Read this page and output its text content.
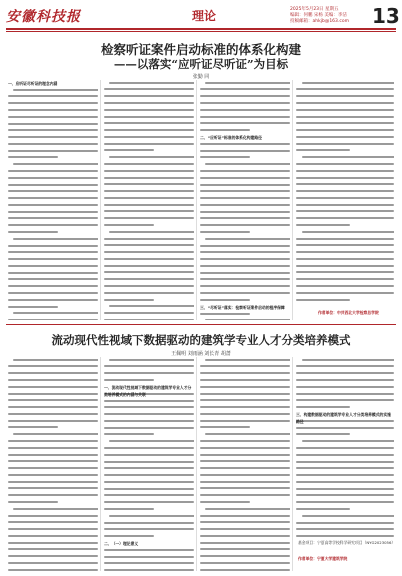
安徽科技报	理论	2025年5月23日 星期五
编辑：何鹏 宋杨 美编：李洁
投稿邮箱：ahkjb@163.com 13
检察听证案件启动标准的体系化构建
——以落实“应听证尽听证”为目标
张勤 同
一、应听证尽听证的理念内涵
二、“应听证”标准的体系化构建路径
三、“尽听证”落实：检察听证案件启动的程序保障
作者单位：中共西北大学检察总学院
流动现代性视域下数据驱动的建筑学专业人才分类培养模式
王佩明 刘雨涵 刘长青 胡蔷
一、流动现代性视域下数据驱动的建筑学专业人才分类培养模式的内涵与关联
二、（一）理论意义
三、构建数据驱动的建筑学专业人才分类培养模式的实施路径
基金项目：宁夏高等学校科学研究项目（NYG2023056）
作者单位：宁夏大学建筑学院
